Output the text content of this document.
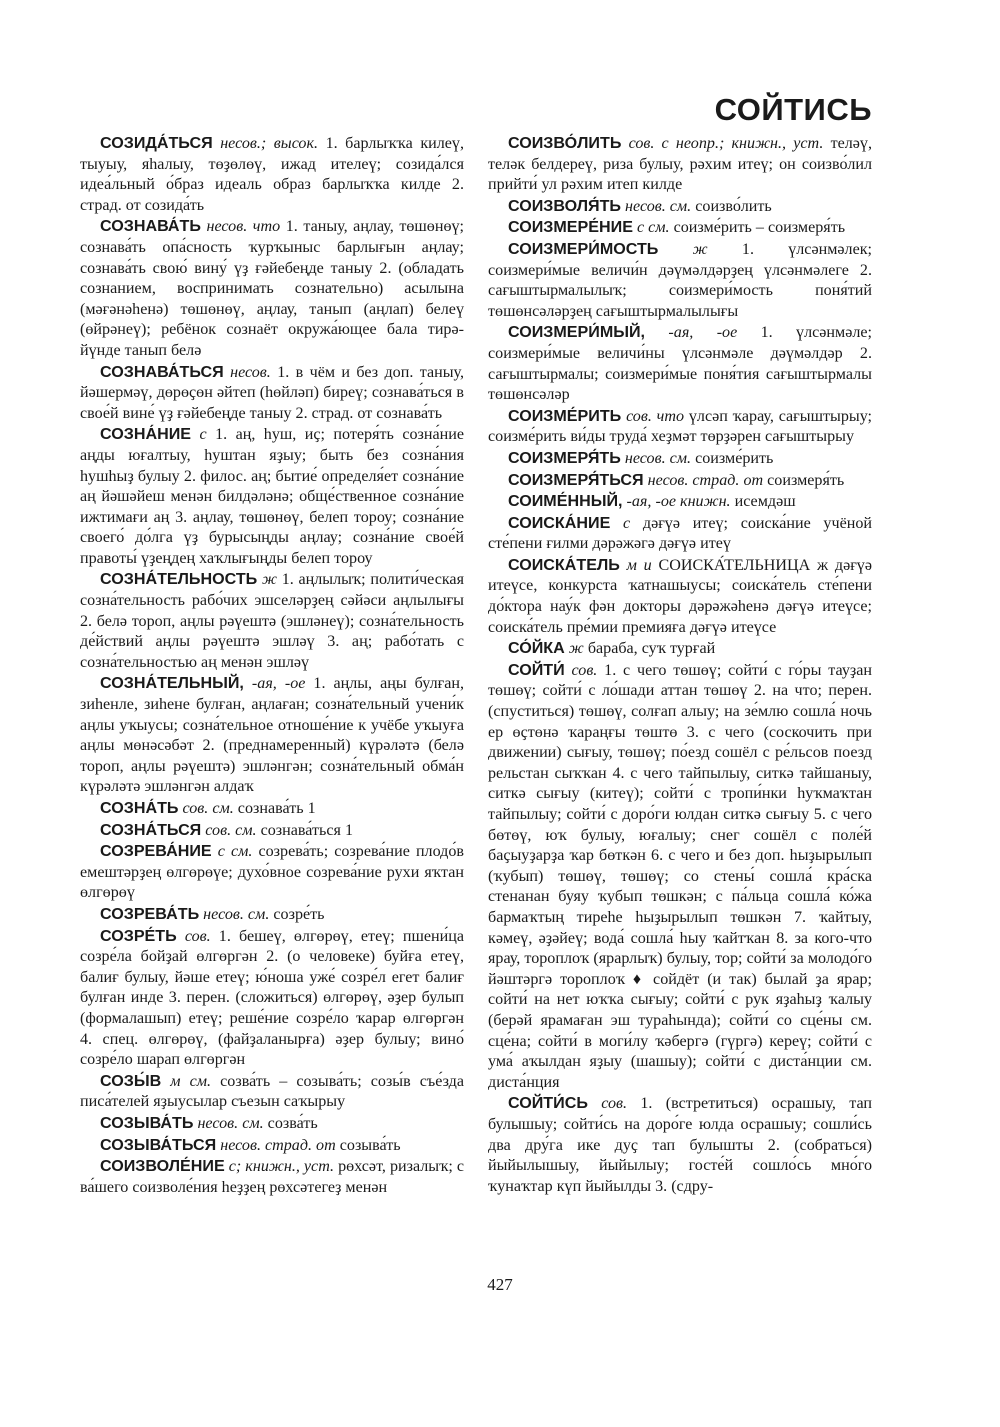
СОЙТИСЬ

СОЗИДА́ТЬСЯ несов.; высок. 1. барлыҡҡа килеү, тыуыу, яһалыу, төҙөлөү, ижад ителеү; созида́лся идеа́льный о́браз идеаль образ барлыҡҡа килде 2. страд. от созида́ть

СОЗНАВА́ТЬ несов. что 1. таныу, аңлау, төшөнөү; сознава́ть опа́сность ҡурҡыныс барлығын аңлау; сознава́ть свою́ вину́ үҙ ғәйебеңде таныу 2. (обладать сознанием, воспринимать сознательно) асылына (мәғәнәһенә) төшөнөү, аңлау, танып (аңлап) белеү (өйрәнеү); ребёнок сознаёт окружа́ющее бала тирә-йүнде танып белә

СОЗНАВА́ТЬСЯ несов. 1. в чём и без доп. таныу, йәшермәү, дөрөҫөн әйтеп (һөйләп) биреү; сознава́ться в свое́й вине́ үҙ ғәйебеңде таныу 2. страд. от сознава́ть

СОЗНА́НИЕ с 1. аң, һуш, иҫ; потеря́ть созна́ние аңды юғалтыу, һуштан яҙыу; быть без созна́ния һушһыҙ булыу 2. филос. аң; бытие́ определя́ет созна́ние аң йәшәйеш менән билдәләнә; обще́ственное созна́ние ижтимағи аң 3. аңлау, төшөнөү, белеп тороу; созна́ние своего́ до́лга үҙ бурысыңды аңлау; созна́ние свое́й правоты́ үҙеңдең хаҡлығыңды белеп тороу

СОЗНА́ТЕЛЬНОСТЬ ж 1. аңлылыҡ; полити́ческая созна́тельность рабо́чих эшселәрҙең сәйәси аңлылығы 2. белә тороп, аңлы рәүештә (эшләнеү); созна́тельность де́йствий аңлы рәүештә эшләү 3. аң; рабо́тать с созна́тельностью аң менән эшләү

СОЗНА́ТЕЛЬНЫЙ, -ая, -ое 1. аңлы, аңы булған, зиһенле, зиһене булған, аңлаған; созна́тельный учени́к аңлы уҡыусы; созна́тельное отноше́ние к учёбе уҡыуға аңлы мөнәсәбәт 2. (преднамеренный) күрәләтә (белә тороп, аңлы рәүештә) эшләнгән; созна́тельный обма́н күрәләтә эшләнгән алдаҡ

СОЗНА́ТЬ сов. см. сознава́ть 1

СОЗНА́ТЬСЯ сов. см. сознава́ться 1

СОЗРЕВА́НИЕ с см. созрева́ть; созрева́ние плодо́в емештәрҙең өлгөрөүе; духо́вное созрева́ние рухи яҡтан өлгөрөү

СОЗРЕВА́ТЬ несов. см. созре́ть

СОЗРЕ́ТЬ сов. 1. бешеү, өлгөрөү, етеү; пшени́ца созре́ла бойҙай өлгөргән 2. (о человеке) буйға етеү, балиғ булыу, йәше етеү; ю́ноша уже́ созре́л егет балиғ булған инде 3. перен. (сложиться) өлгөрөү, әҙер булып (формалашып) етеү; реше́ние созре́ло ҡарар өлгөргән 4. спец. өлгөрөү, (файҙаланырға) әҙер булыу; вино́ созре́ло шарап өлгөргән

СОЗЫ́В м см. созва́ть – созыва́ть; созы́в съе́зда писа́телей яҙыусылар съезын саҡырыу

СОЗЫВА́ТЬ несов. см. созва́ть

СОЗЫВА́ТЬСЯ несов. страд. от созыва́ть

СОИЗВОЛЕ́НИЕ с; книжн., уст. рөхсәт, ризалыҡ; с ва́шего соизволе́ния һеҙҙең рөхсәтегеҙ менән

СОИЗВО́ЛИТЬ сов. с неопр.; книжн., уст. теләү, теләк белдереү, риза булыу, рәхим итеү; он соизво́лил прийти́ ул рәхим итеп килде

СОИЗВОЛЯ́ТЬ несов. см. соизво́лить

СОИЗМЕРЕ́НИЕ с см. соизме́рить – соизмеря́ть

СОИЗМЕРИ́МОСТЬ ж 1. үлсәнмәлек; соизмери́мые величи́н дәүмәлдәрҙең үлсәнмәлеге 2. сағыштырмалылыҡ; соизмери́мость поня́тий төшөнсәләрҙең сағыштырмалылығы

СОИЗМЕРИ́МЫЙ, -ая, -ое 1. үлсәнмәле; соизмери́мые величи́ны үлсәнмәле дәүмәлдәр 2. сағыштырмалы; соизмери́мые поня́тия сағыштырмалы төшөнсәләр

СОИЗМЕ́РИТЬ сов. что үлсәп ҡарау, сағыштырыу; соизме́рить ви́ды труда́ хеҙмәт төрҙәрен сағыштырыу

СОИЗМЕРЯ́ТЬ несов. см. соизме́рить

СОИЗМЕРЯ́ТЬСЯ несов. страд. от соизмеря́ть

СОИМЕ́ННЫЙ, -ая, -ое книжн. исемдәш

СОИСКА́НИЕ с дәғүә итеү; соиска́ние учёной сте́пени ғилми дәрәжәгә дәғүә итеү

СОИСКА́ТЕЛЬ м и СОИСКА́ТЕЛЬНИЦА ж дәғүә итеүсе, конкурста ҡатнашыусы; соиска́тель сте́пени до́ктора нау́к фән докторы дәрәжәһенә дәғүә итеүсе; соиска́тель пре́мии премияға дәғүә итеүсе

СО́ЙКА ж бараба, суҡ турғай

СОЙТИ́ сов. 1. с чего төшөү; сойти́ с го́ры тауҙан төшөү; сойти́ с ло́шади аттан төшөү 2. на что; перен. (спуститься) төшөү, солғап алыу; на зе́млю сошла́ ночь ер өҫтөнә ҡараңғы төштө 3. с чего (соскочить при движении) сығыу, төшөү; по́езд сошёл с ре́льсов поезд рельстан сыҡҡан 4. с чего тайпылыу, ситкә тайшаныу, ситкә сығыу (китеү); сойти́ с тропи́нки һуҡмаҡтан тайпылыу; сойти́ с доро́ги юлдан ситкә сығыу 5. с чего бөтөү, юҡ булыу, юғалыу; снег сошёл с поле́й баҫыуҙарҙа ҡар бөткән 6. с чего и без доп. һыҙырылып (ҡубып) төшөү, төшөү; со стены́ сошла́ кра́ска стенанан буяу ҡубып төшкән; с па́льца сошла́ ко́жа бармаҡтың тиреһе һыҙырылып төшкән 7. ҡайтыу, кәмеү, әҙәйеү; вода́ сошла́ һыу ҡайтҡан 8. за кого-что ярау, тороплоҡ (ярарлыҡ) булыу, тор; сойти́ за молодо́го йәштәргә тороплоҡ ♦ сойдёт (и так) былай ҙа ярар; сойти́ на нет юҡҡа сығыу; сойти́ с рук яҙаһыҙ ҡалыу (берәй ярамаған эш тураһында); сойти́ со сце́ны см. сце́на; сойти́ в моги́лу ҡәбергә (гүргә) кереү; сойти́ с ума́ аҡылдан яҙыу (шашыу); сойти́ с диста́нции см. диста́нция

СОЙТИ́СЬ сов. 1. (встретиться) осрашыу, тап булышыу; сойти́сь на доро́ге юлда осрашыу; сошли́сь два дру́га ике дуҫ тап булышты 2. (собраться) йыйылышыу, йыйылыу; госте́й сошло́сь мно́го ҡунаҡтар күп йыйылды 3. (сдру-

427
